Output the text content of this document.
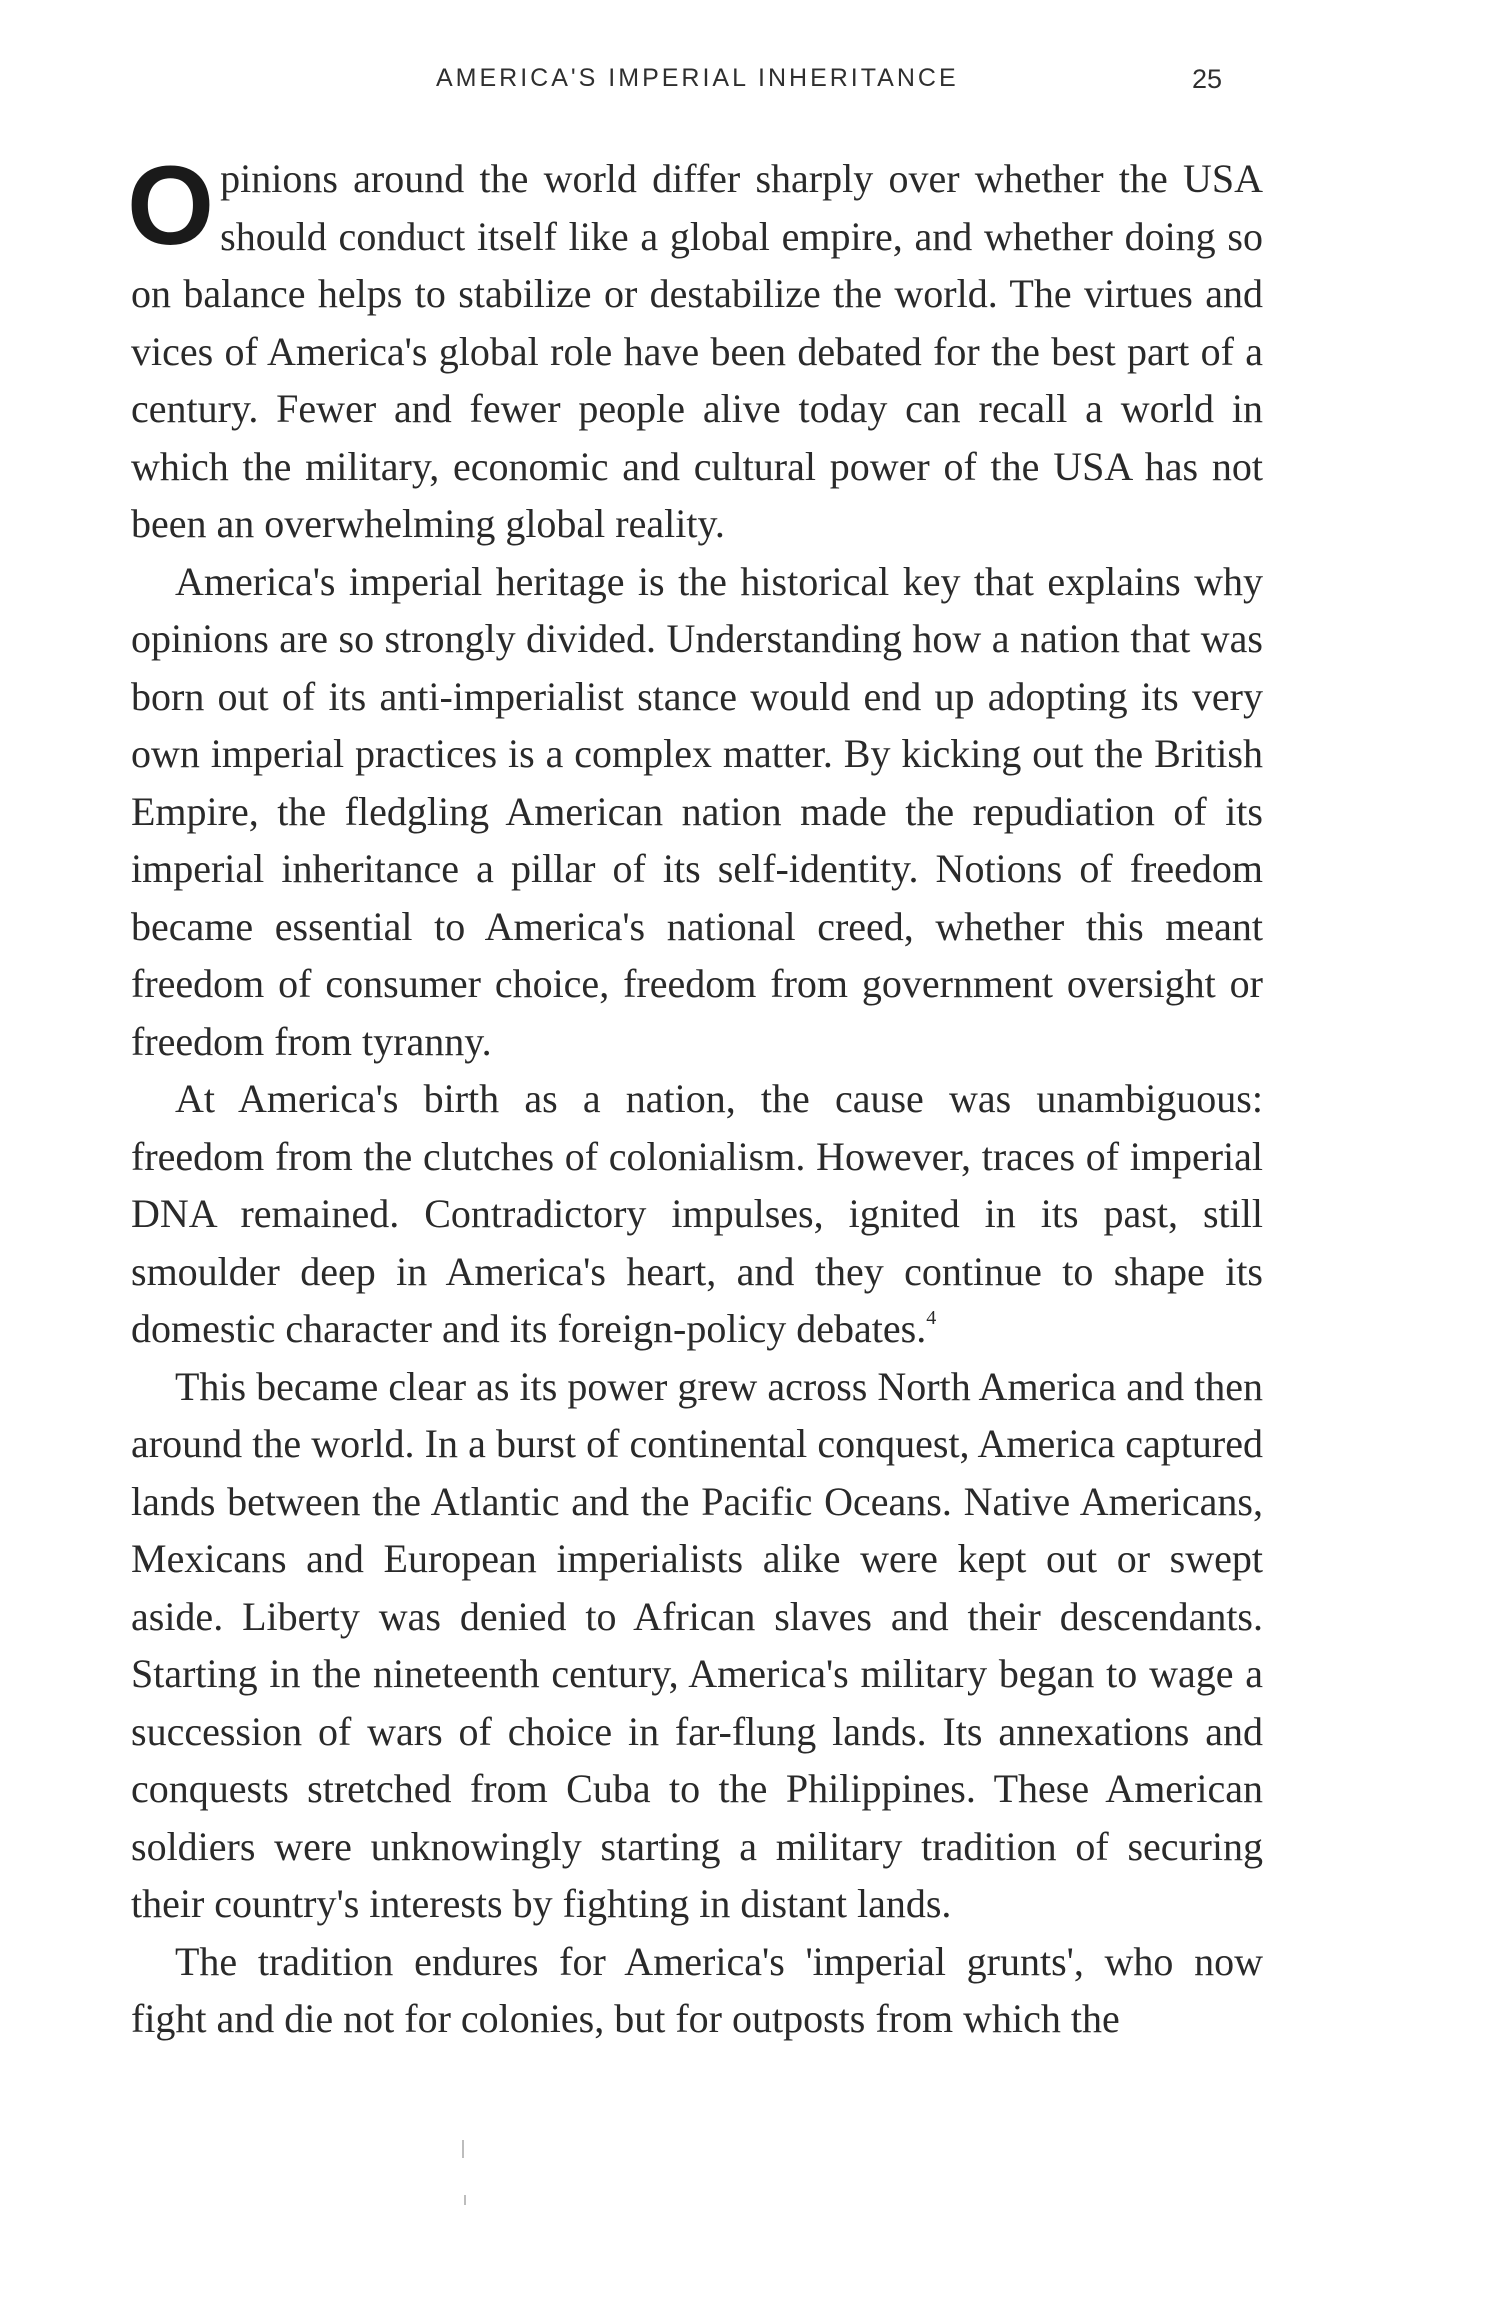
AMERICA'S IMPERIAL INHERITANCE	25

Opinions around the world differ sharply over whether the USA should conduct itself like a global empire, and whether doing so on balance helps to stabilize or destabilize the world. The virtues and vices of America's global role have been debated for the best part of a century. Fewer and fewer people alive today can recall a world in which the military, economic and cultural power of the USA has not been an overwhelming global reality.

America's imperial heritage is the historical key that explains why opinions are so strongly divided. Understanding how a nation that was born out of its anti-imperialist stance would end up adopting its very own imperial practices is a complex matter. By kicking out the British Empire, the fledgling American nation made the repudiation of its imperial inheritance a pillar of its self-identity. Notions of freedom became essential to America's national creed, whether this meant freedom of consumer choice, freedom from government oversight or freedom from tyranny.

At America's birth as a nation, the cause was unambiguous: freedom from the clutches of colonialism. However, traces of imperial DNA remained. Contradictory impulses, ignited in its past, still smoulder deep in America's heart, and they continue to shape its domestic character and its foreign-policy debates.$^4$

This became clear as its power grew across North America and then around the world. In a burst of continental conquest, America captured lands between the Atlantic and the Pacific Oceans. Native Americans, Mexicans and European imperialists alike were kept out or swept aside. Liberty was denied to African slaves and their descendants. Starting in the nineteenth century, America's military began to wage a succession of wars of choice in far-flung lands. Its annexations and conquests stretched from Cuba to the Philippines. These American soldiers were unknowingly starting a military tradition of securing their country's interests by fighting in distant lands.

The tradition endures for America's 'imperial grunts', who now fight and die not for colonies, but for outposts from which the
